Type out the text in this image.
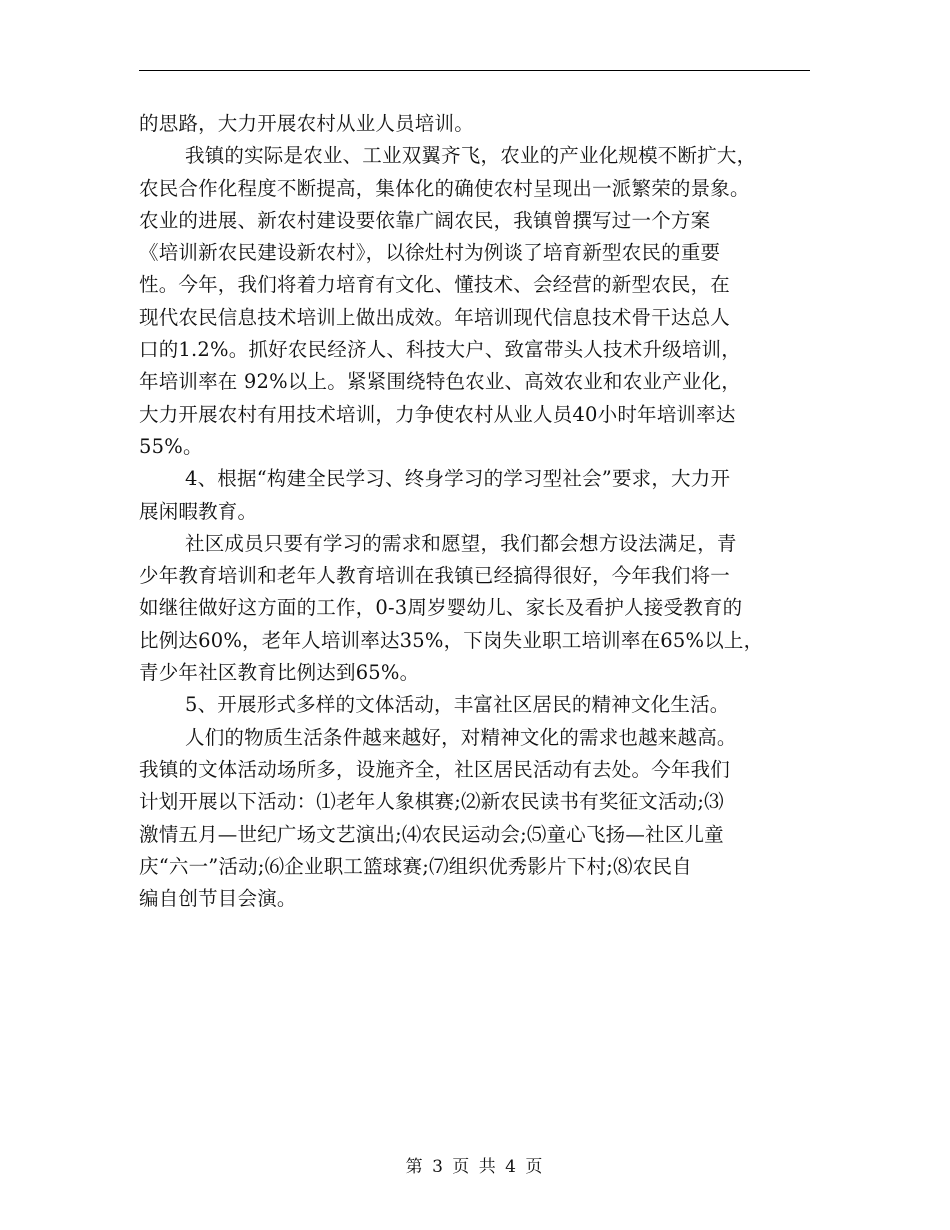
的思路，大力开展农村从业人员培训。
我镇的实际是农业、工业双翼齐飞，农业的产业化规模不断扩大，
农民合作化程度不断提高，集体化的确使农村呈现出一派繁荣的景象。
农业的进展、新农村建设要依靠广阔农民，我镇曾撰写过一个方案
《培训新农民建设新农村》，以徐灶村为例谈了培育新型农民的重要
性。今年，我们将着力培育有文化、懂技术、会经营的新型农民，在
现代农民信息技术培训上做出成效。年培训现代信息技术骨干达总人
口的1.2%。抓好农民经济人、科技大户、致富带头人技术升级培训，
年培训率在 92%以上。紧紧围绕特色农业、高效农业和农业产业化，
大力开展农村有用技术培训，力争使农村从业人员40小时年培训率达
55%。
4、根据“构建全民学习、终身学习的学习型社会”要求，大力开
展闲暇教育。
社区成员只要有学习的需求和愿望，我们都会想方设法满足，青
少年教育培训和老年人教育培训在我镇已经搞得很好，今年我们将一
如继往做好这方面的工作，0-3周岁婴幼儿、家长及看护人接受教育的
比例达60%，老年人培训率达35%，下岗失业职工培训率在65%以上，
青少年社区教育比例达到65%。
5、开展形式多样的文体活动，丰富社区居民的精神文化生活。
人们的物质生活条件越来越好，对精神文化的需求也越来越高。
我镇的文体活动场所多，设施齐全，社区居民活动有去处。今年我们
计划开展以下活动：⑴老年人象棋赛;⑵新农民读书有奖征文活动;⑶
激情五月—世纪广场文艺演出;⑷农民运动会;⑸童心飞扬—社区儿童
庆“六一”活动;⑹企业职工篮球赛;⑺组织优秀影片下村;⑻农民自
编自创节目会演。
第 3 页 共 4 页
